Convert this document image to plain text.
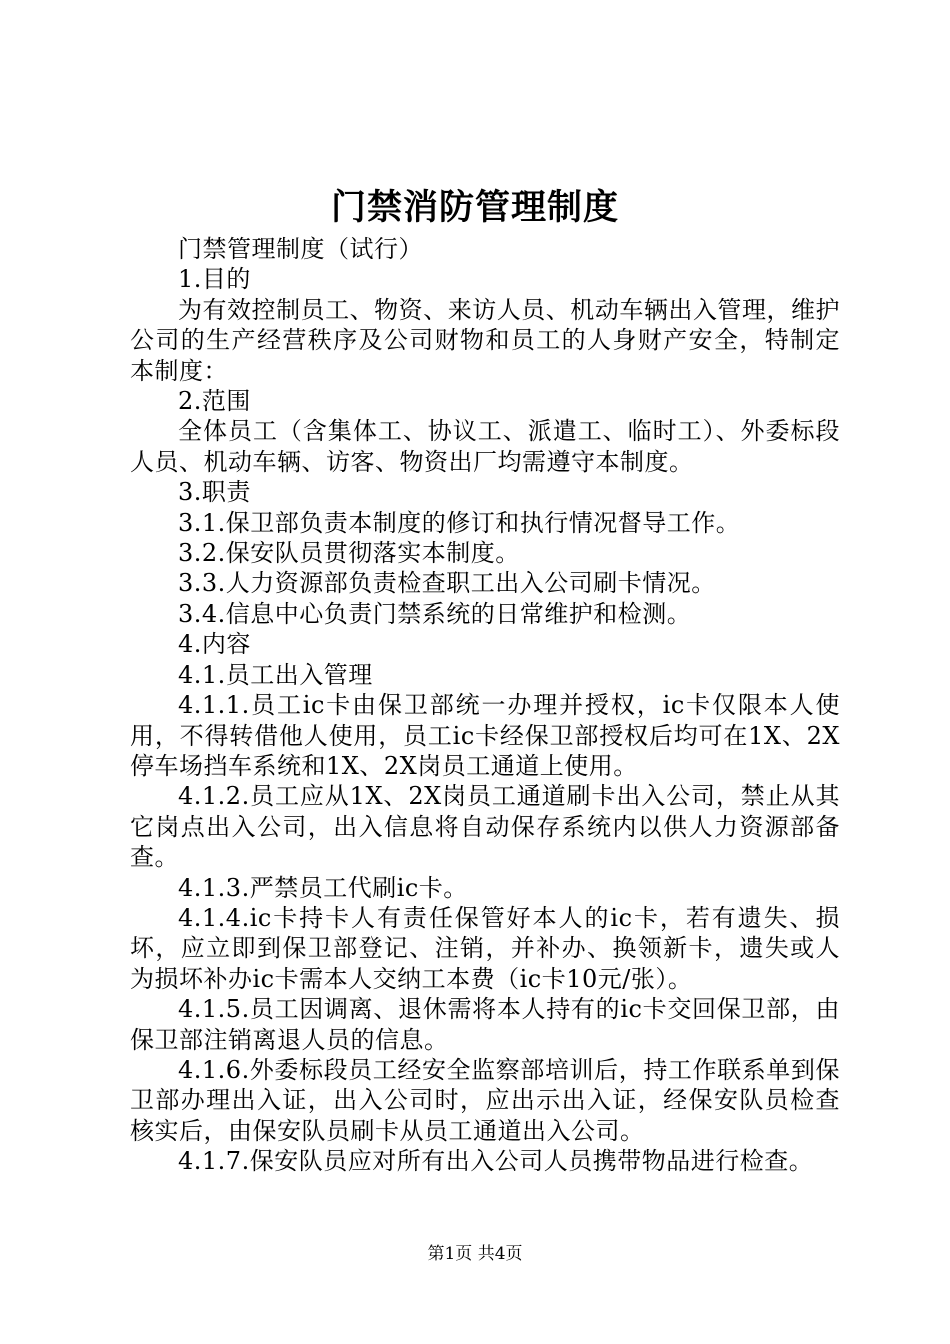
门禁消防管理制度

门禁管理制度（试行）

1.目的

为有效控制员工、物资、来访人员、机动车辆出入管理，维护公司的生产经营秩序及公司财物和员工的人身财产安全，特制定本制度：

2.范围

全体员工（含集体工、协议工、派遣工、临时工）、外委标段人员、机动车辆、访客、物资出厂均需遵守本制度。

3.职责

3.1.保卫部负责本制度的修订和执行情况督导工作。

3.2.保安队员贯彻落实本制度。

3.3.人力资源部负责检查职工出入公司刷卡情况。

3.4.信息中心负责门禁系统的日常维护和检测。

4.内容

4.1.员工出入管理

4.1.1.员工ic卡由保卫部统一办理并授权，ic卡仅限本人使用，不得转借他人使用，员工ic卡经保卫部授权后均可在1X、2X停车场挡车系统和1X、2X岗员工通道上使用。

4.1.2.员工应从1X、2X岗员工通道刷卡出入公司，禁止从其它岗点出入公司，出入信息将自动保存系统内以供人力资源部备查。

4.1.3.严禁员工代刷ic卡。

4.1.4.ic卡持卡人有责任保管好本人的ic卡，若有遗失、损坏，应立即到保卫部登记、注销，并补办、换领新卡，遗失或人为损坏补办ic卡需本人交纳工本费（ic卡10元/张）。

4.1.5.员工因调离、退休需将本人持有的ic卡交回保卫部，由保卫部注销离退人员的信息。

4.1.6.外委标段员工经安全监察部培训后，持工作联系单到保卫部办理出入证，出入公司时，应出示出入证，经保安队员检查核实后，由保安队员刷卡从员工通道出入公司。

4.1.7.保安队员应对所有出入公司人员携带物品进行检查。

第1页 共4页
